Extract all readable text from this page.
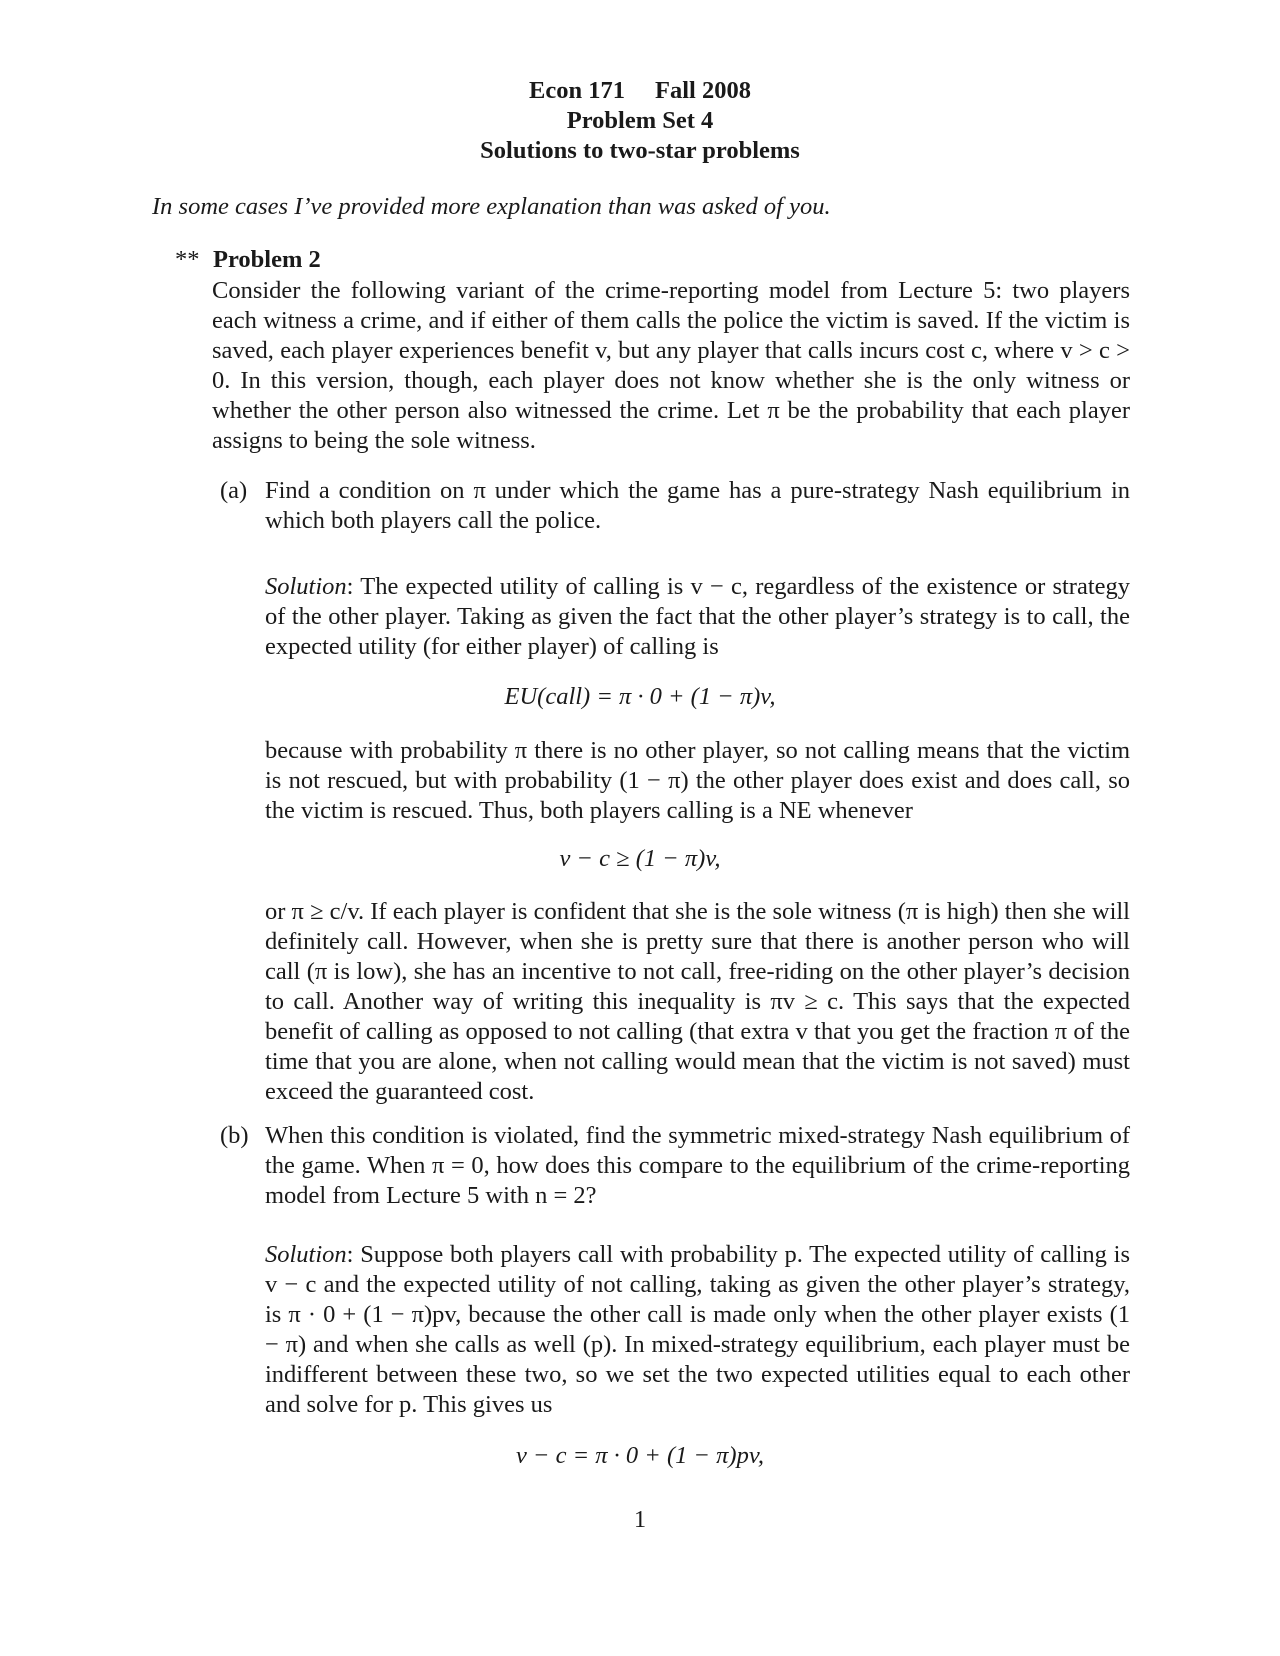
Econ 171 Fall 2008
Problem Set 4
Solutions to two-star problems
In some cases I’ve provided more explanation than was asked of you.
** Problem 2
Consider the following variant of the crime-reporting model from Lecture 5: two players each witness a crime, and if either of them calls the police the victim is saved. If the victim is saved, each player experiences benefit v, but any player that calls incurs cost c, where v > c > 0. In this version, though, each player does not know whether she is the only witness or whether the other person also witnessed the crime. Let π be the probability that each player assigns to being the sole witness.
(a) Find a condition on π under which the game has a pure-strategy Nash equilibrium in which both players call the police.
Solution: The expected utility of calling is v − c, regardless of the existence or strategy of the other player. Taking as given the fact that the other player’s strategy is to call, the expected utility (for either player) of calling is
EU(call) = π · 0 + (1 − π)v,
because with probability π there is no other player, so not calling means that the victim is not rescued, but with probability (1 − π) the other player does exist and does call, so the victim is rescued. Thus, both players calling is a NE whenever
v − c ≥ (1 − π)v,
or π ≥ c/v. If each player is confident that she is the sole witness (π is high) then she will definitely call. However, when she is pretty sure that there is another person who will call (π is low), she has an incentive to not call, free-riding on the other player’s decision to call. Another way of writing this inequality is πv ≥ c. This says that the expected benefit of calling as opposed to not calling (that extra v that you get the fraction π of the time that you are alone, when not calling would mean that the victim is not saved) must exceed the guaranteed cost.
(b) When this condition is violated, find the symmetric mixed-strategy Nash equilibrium of the game. When π = 0, how does this compare to the equilibrium of the crime-reporting model from Lecture 5 with n = 2?
Solution: Suppose both players call with probability p. The expected utility of calling is v − c and the expected utility of not calling, taking as given the other player’s strategy, is π · 0 + (1 − π)pv, because the other call is made only when the other player exists (1 − π) and when she calls as well (p). In mixed-strategy equilibrium, each player must be indifferent between these two, so we set the two expected utilities equal to each other and solve for p. This gives us
v − c = π · 0 + (1 − π)pv,
1
